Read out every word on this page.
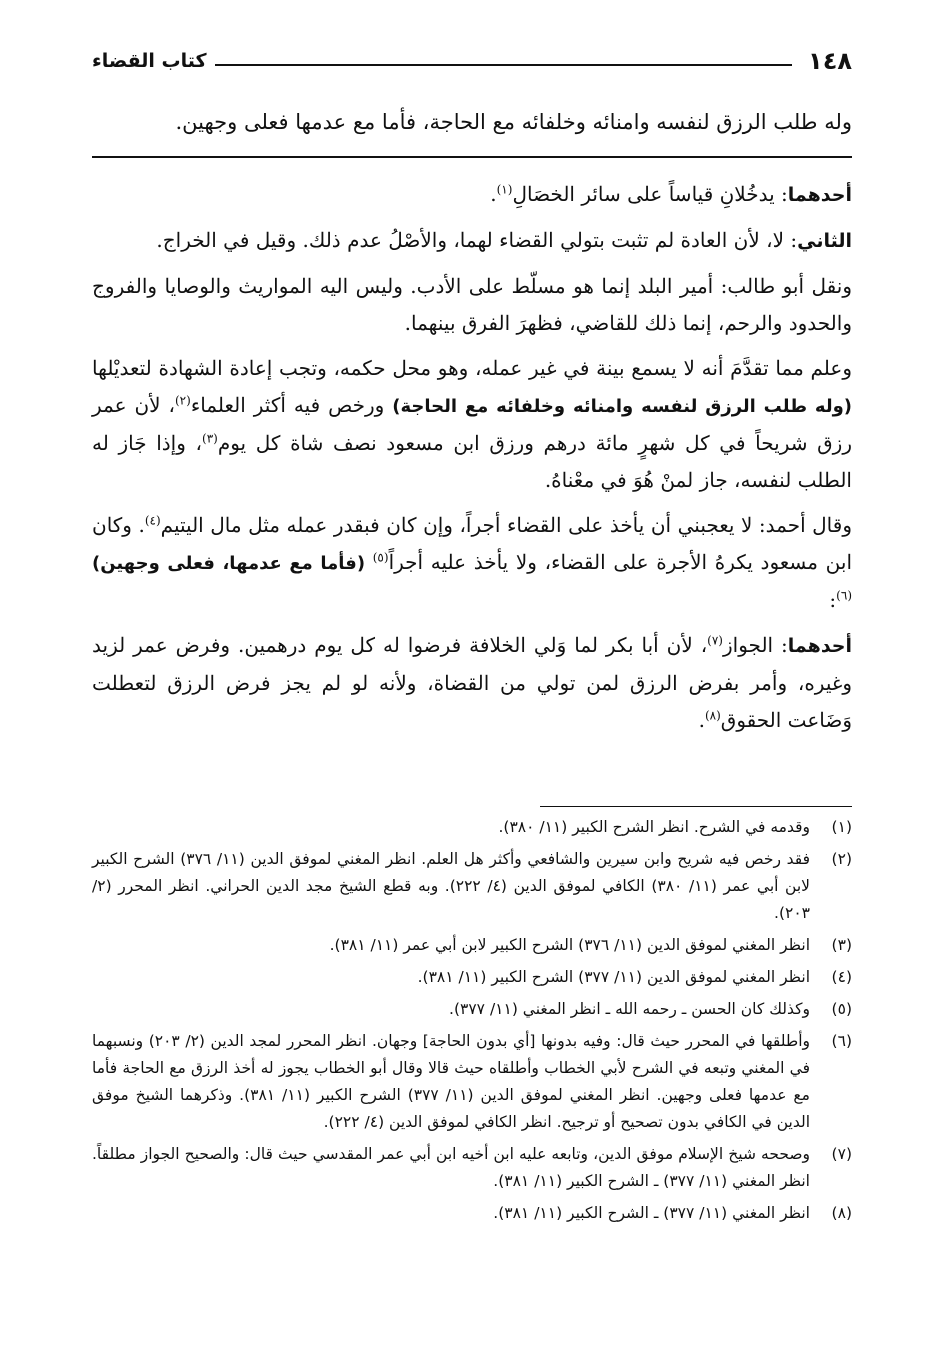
١٤٨
كتاب القضاء
وله طلب الرزق لنفسه وامنائه وخلفائه مع الحاجة، فأما مع عدمها فعلى وجهين.

أحدهما: يدخُلانِ قياساً على سائر الخصَالِ$^{(١)}$.

الثاني: لا، لأن العادة لم تثبت بتولي القضاء لهما، والأصْلُ عدم ذلك. وقيل في الخراج.

ونقل أبو طالب: أمير البلد إنما هو مسلّط على الأدب. وليس اليه المواريث والوصايا والفروج والحدود والرحم، إنما ذلك للقاضي، فظهرَ الفرق بينهما.

وعلم مما تقدَّمَ أنه لا يسمع بينة في غير عمله، وهو محل حكمه، وتجب إعادة الشهادة لتعديْلها (وله طلب الرزق لنفسه وامنائه وخلفائه مع الحاجة) ورخص فيه أكثر العلماء$^{(٢)}$، لأن عمر رزق شريحاً في كل شهرٍ مائة درهم ورزق ابن مسعود نصف شاة كل يوم$^{(٣)}$، وإذا جَاز له الطلب لنفسه، جاز لمنْ هُوَ في معْناهُ.

وقال أحمد: لا يعجبني أن يأخذ على القضاء أجراً، وإن كان فبقدر عمله مثل مال اليتيم$^{(٤)}$. وكان ابن مسعود يكرهُ الأجرة على القضاء، ولا يأخذ عليه أجراً$^{(٥)}$ (فأما مع عدمها، فعلى وجهين)$^{(٦)}$:

أحدهما: الجواز$^{(٧)}$، لأن أبا بكر لما وَلي الخلافة فرضوا له كل يوم درهمين. وفرض عمر لزيد وغيره، وأمر بفرض الرزق لمن تولي من القضاة، ولأنه لو لم يجز فرض الرزق لتعطلت وَضَاعت الحقوق$^{(٨)}$.

(١)
وقدمه في الشرح. انظر الشرح الكبير (١١/ ٣٨٠).
(٢)
فقد رخص فيه شريح وابن سيرين والشافعي وأكثر هل العلم. انظر المغني لموفق الدين (١١/ ٣٧٦) الشرح الكبير لابن أبي عمر (١١/ ٣٨٠) الكافي لموفق الدين (٤/ ٢٢٢). وبه قطع الشيخ مجد الدين الحراني. انظر المحرر (٢/ ٢٠٣).
(٣)
انظر المغني لموفق الدين (١١/ ٣٧٦) الشرح الكبير لابن أبي عمر (١١/ ٣٨١).
(٤)
انظر المغني لموفق الدين (١١/ ٣٧٧) الشرح الكبير (١١/ ٣٨١).
(٥)
وكذلك كان الحسن ـ رحمه الله ـ انظر المغني (١١/ ٣٧٧).
(٦)
وأطلقها في المحرر حيث قال: وفيه بدونها [أي بدون الحاجة] وجهان. انظر المحرر لمجد الدين (٢/ ٢٠٣) ونسبهما في المغني وتبعه في الشرح لأبي الخطاب وأطلقاه حيث قالا وقال أبو الخطاب يجوز له أخذ الرزق مع الحاجة فأما مع عدمها فعلى وجهين. انظر المغني لموفق الدين (١١/ ٣٧٧) الشرح الكبير (١١/ ٣٨١). وذكرهما الشيخ موفق الدين في الكافي بدون تصحيح أو ترجيح. انظر الكافي لموفق الدين (٤/ ٢٢٢).
(٧)
وصححه شيخ الإسلام موفق الدين، وتابعه عليه ابن أخيه ابن أبي عمر المقدسي حيث قال: والصحيح الجواز مطلقاً. انظر المغني (١١/ ٣٧٧) ـ الشرح الكبير (١١/ ٣٨١).
(٨)
انظر المغني (١١/ ٣٧٧) ـ الشرح الكبير (١١/ ٣٨١).
